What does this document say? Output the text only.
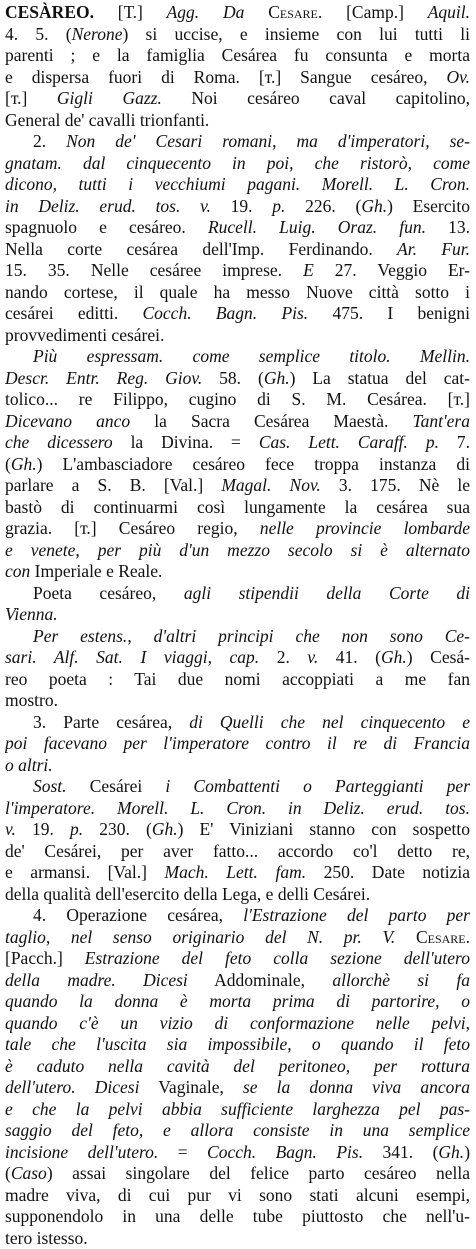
CESÀREO. [Т.] Agg. Da Cesare. [Camp.] Aquil.
4. 5. (Nerone) si uccise, e insieme con lui tutti li
parenti ; e la famiglia Cesárea fu consunta e morta
e dispersa fuori di Roma. [т.] Sangue cesáreo, Ov.
[т.] Gigli Gazz. Noi cesáreo caval capitolino,
General de' cavalli trionfanti.
2. Non de' Cesari romani, ma d'imperatori, se-
gnatam. dal cinquecento in poi, che ristorò, come
dicono, tutti i vecchiumi pagani. Morell. L. Cron.
in Deliz. erud. tos. v. 19. p. 226. (Gh.) Esercito
spagnuolo e cesáreo. Rucell. Luig. Oraz. fun. 13.
Nella corte cesárea dell'Imp. Ferdinando. Ar. Fur.
15. 35. Nelle cesáree imprese. E 27. Veggio Er-
nando cortese, il quale ha messo Nuove città sotto i
cesárei editti. Cocch. Bagn. Pis. 475. I benigni
provvedimenti cesárei.
Più espressam. come semplice titolo. Mellin.
Descr. Entr. Reg. Giov. 58. (Gh.) La statua del cat-
tolico... re Filippo, cugino di S. M. Cesárea. [т.]
Dicevano anco la Sacra Cesárea Maestà. Tant'era
che dicessero la Divina. = Cas. Lett. Caraff. p. 7.
(Gh.) L'ambasciadore cesáreo fece troppa instanza di
parlare a S. B. [Val.] Magal. Nov. 3. 175. Nè le
bastò di continuarmi così lungamente la cesárea sua
grazia. [т.] Cesáreo regio, nelle provincie lombarde
e venete, per più d'un mezzo secolo si è alternato
con Imperiale e Reale.
Poeta cesáreo, agli stipendii della Corte di
Vienna.
Per estens., d'altri principi che non sono Ce-
sari. Alf. Sat. I viaggi, cap. 2. v. 41. (Gh.) Cesá-
reo poeta : Tai due nomi accoppiati a me fan
mostro.
3. Parte cesárea, di Quelli che nel cinquecento e
poi facevano per l'imperatore contro il re di Francia
o altri.
Sost. Cesárei i Combattenti o Parteggianti per
l'imperatore. Morell. L. Cron. in Deliz. erud. tos.
v. 19. p. 230. (Gh.) E' Viniziani stanno con sospetto
de' Cesárei, per aver fatto... accordo co'l detto re,
e armansi. [Val.] Mach. Lett. fam. 250. Date notizia
della qualità dell'esercito della Lega, e delli Cesárei.
4. Operazione cesárea, l'Estrazione del parto per
taglio, nel senso originario del N. pr. V. Cesare.
[Pacch.] Estrazione del feto colla sezione dell'utero
della madre. Dicesi Addominale, allorchè si fa
quando la donna è morta prima di partorire, o
quando c'è un vizio di conformazione nelle pelvi,
tale che l'uscita sia impossibile, o quando il feto
è caduto nella cavità del peritoneo, per rottura
dell'utero. Dicesi Vaginale, se la donna viva ancora
e che la pelvi abbia sufficiente larghezza pel pas-
saggio del feto, e allora consiste in una semplice
incisione dell'utero. = Cocch. Bagn. Pis. 341. (Gh.)
(Caso) assai singolare del felice parto cesáreo nella
madre viva, di cui pur vi sono stati alcuni esempi,
supponendolo in una delle tube piuttosto che nell'u-
tero istesso.
